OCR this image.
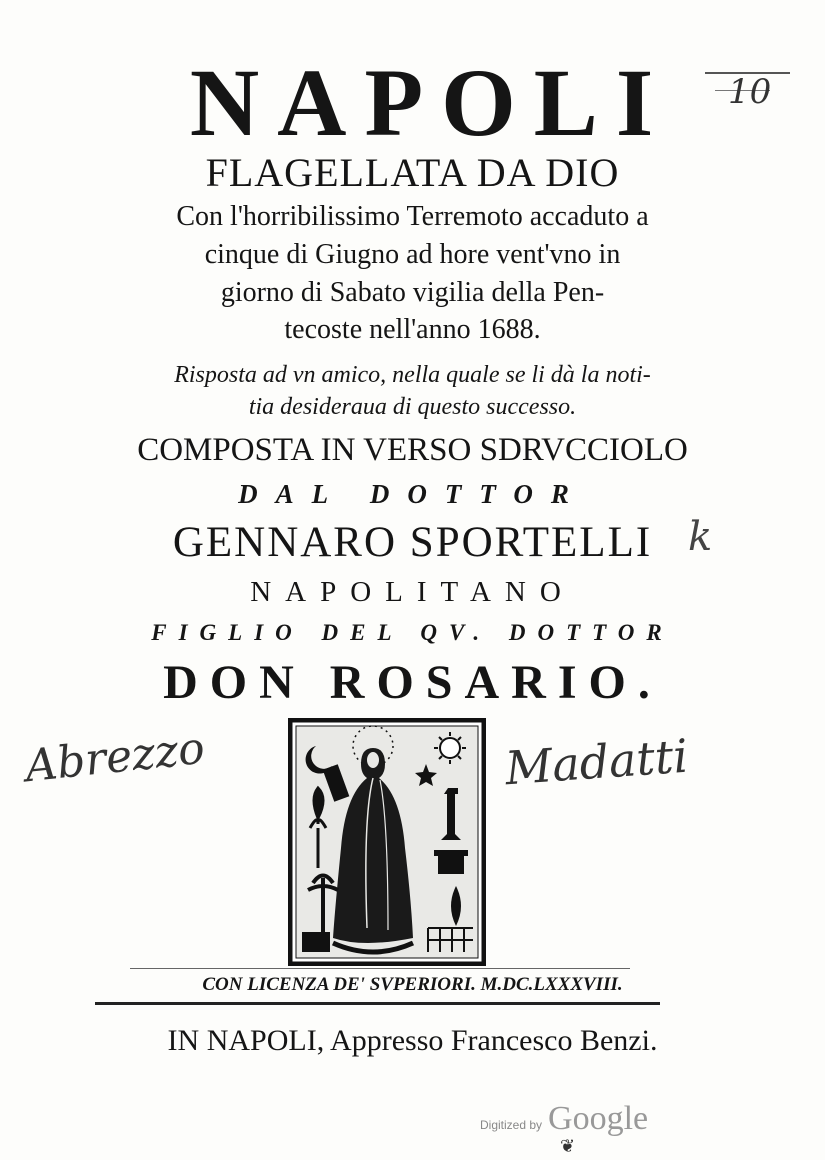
10
NAPOLI
FLAGELLATA DA DIO
Con l'horribilissimo Terremoto accaduto a
cinque di Giugno ad hore vent'vno in
giorno di Sabato vigilia della Pen-
tecoste nell'anno 1688.
Risposta ad vn amico, nella quale se li dà la noti-
tia desideraua di questo successo.
COMPOSTA IN VERSO SDRVCCIOLO
DAL DOTTOR
GENNARO SPORTELLI k
NAPOLITANO
FIGLIO DEL QV. DOTTOR
DON ROSARIO.
Abrezzo	Madatti
CON LICENZA DE' SVPERIORI. M.DC.LXXXVIII.
IN NAPOLI, Appresso Francesco Benzi.
Digitized by Google
❦
